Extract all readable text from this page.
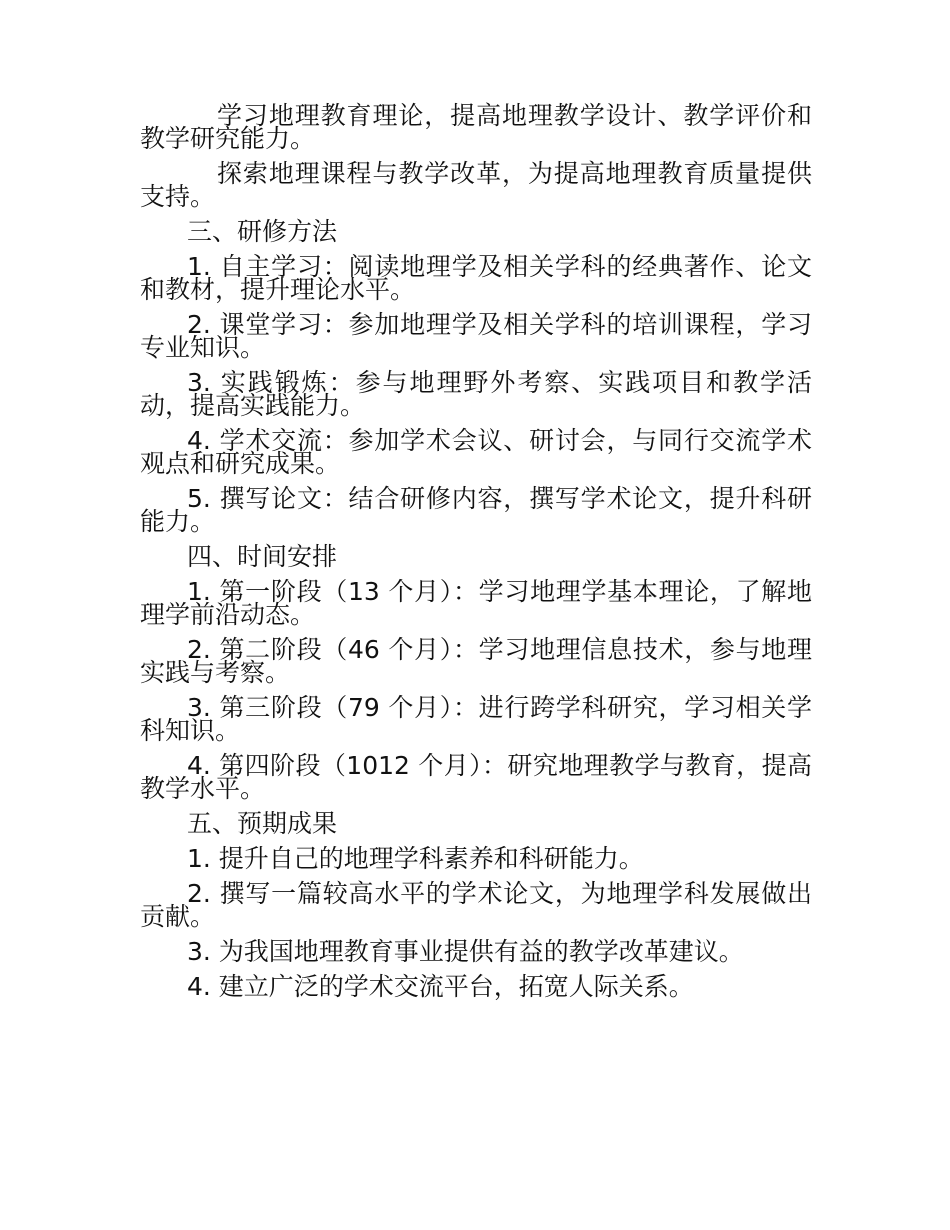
学习地理教育理论，提高地理教学设计、教学评价和教学研究能力。

探索地理课程与教学改革，为提高地理教育质量提供支持。

三、研修方法

1. 自主学习：阅读地理学及相关学科的经典著作、论文和教材，提升理论水平。

2. 课堂学习：参加地理学及相关学科的培训课程，学习专业知识。

3. 实践锻炼：参与地理野外考察、实践项目和教学活动，提高实践能力。

4. 学术交流：参加学术会议、研讨会，与同行交流学术观点和研究成果。

5. 撰写论文：结合研修内容，撰写学术论文，提升科研能力。

四、时间安排

1. 第一阶段（13 个月）：学习地理学基本理论，了解地理学前沿动态。

2. 第二阶段（46 个月）：学习地理信息技术，参与地理实践与考察。

3. 第三阶段（79 个月）：进行跨学科研究，学习相关学科知识。

4. 第四阶段（1012 个月）：研究地理教学与教育，提高教学水平。

五、预期成果

1. 提升自己的地理学科素养和科研能力。

2. 撰写一篇较高水平的学术论文，为地理学科发展做出贡献。

3. 为我国地理教育事业提供有益的教学改革建议。

4. 建立广泛的学术交流平台，拓宽人际关系。
